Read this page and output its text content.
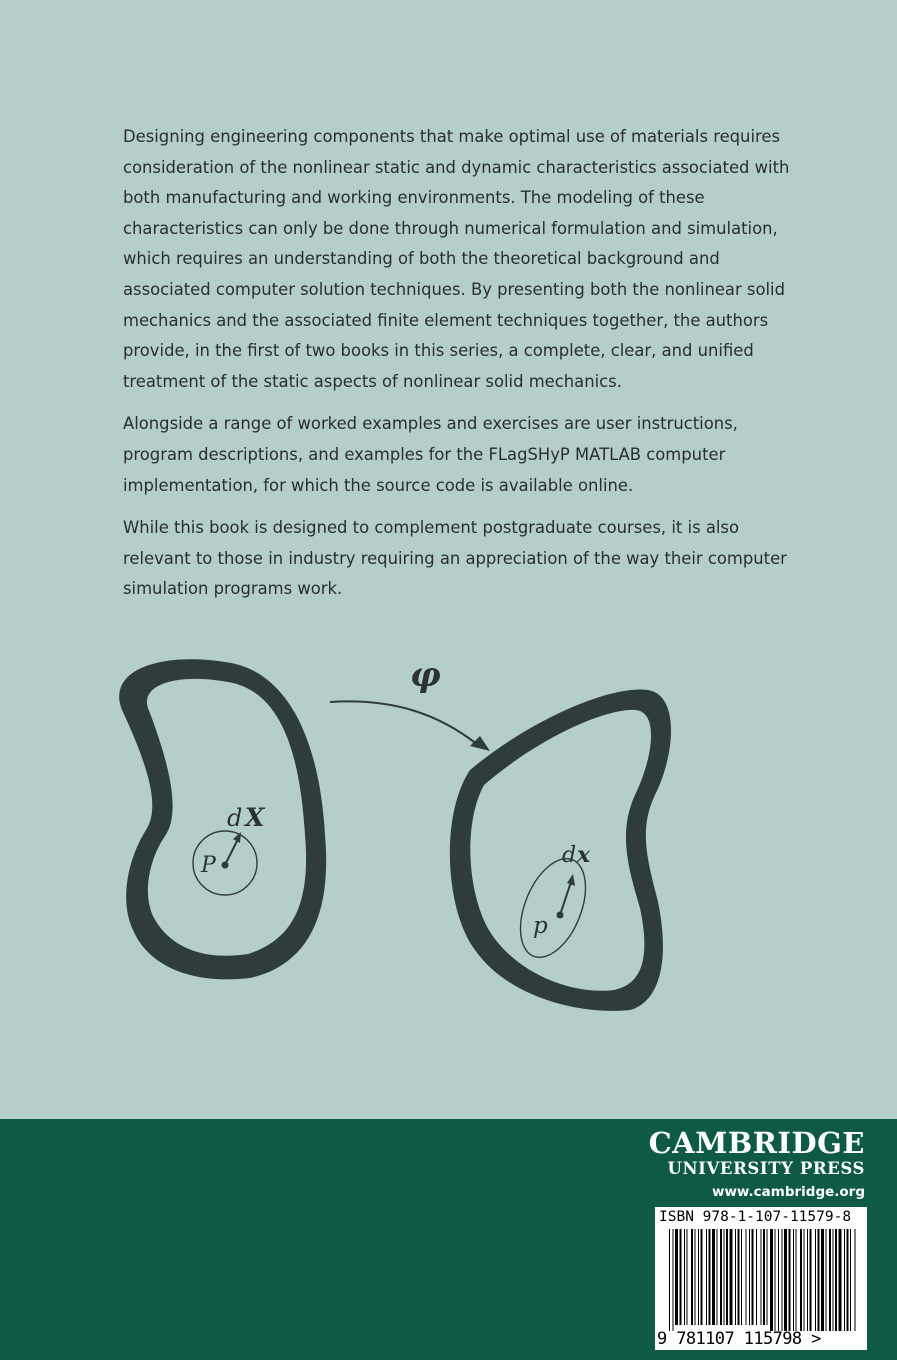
Designing engineering components that make optimal use of materials requires consideration of the nonlinear static and dynamic characteristics associated with both manufacturing and working environments. The modeling of these characteristics can only be done through numerical formulation and simulation, which requires an understanding of both the theoretical background and associated computer solution techniques. By presenting both the nonlinear solid mechanics and the associated finite element techniques together, the authors provide, in the first of two books in this series, a complete, clear, and unified treatment of the static aspects of nonlinear solid mechanics.

Alongside a range of worked examples and exercises are user instructions, program descriptions, and examples for the FLagSHyP MATLAB computer implementation, for which the source code is available online.

While this book is designed to complement postgraduate courses, it is also relevant to those in industry requiring an appreciation of the way their computer simulation programs work.

φ
P
d X
p
d x
CAMBRIDGE
UNIVERSITY PRESS
www.cambridge.org
ISBN 978-1-107-11579-8
9 781107 115798 >
